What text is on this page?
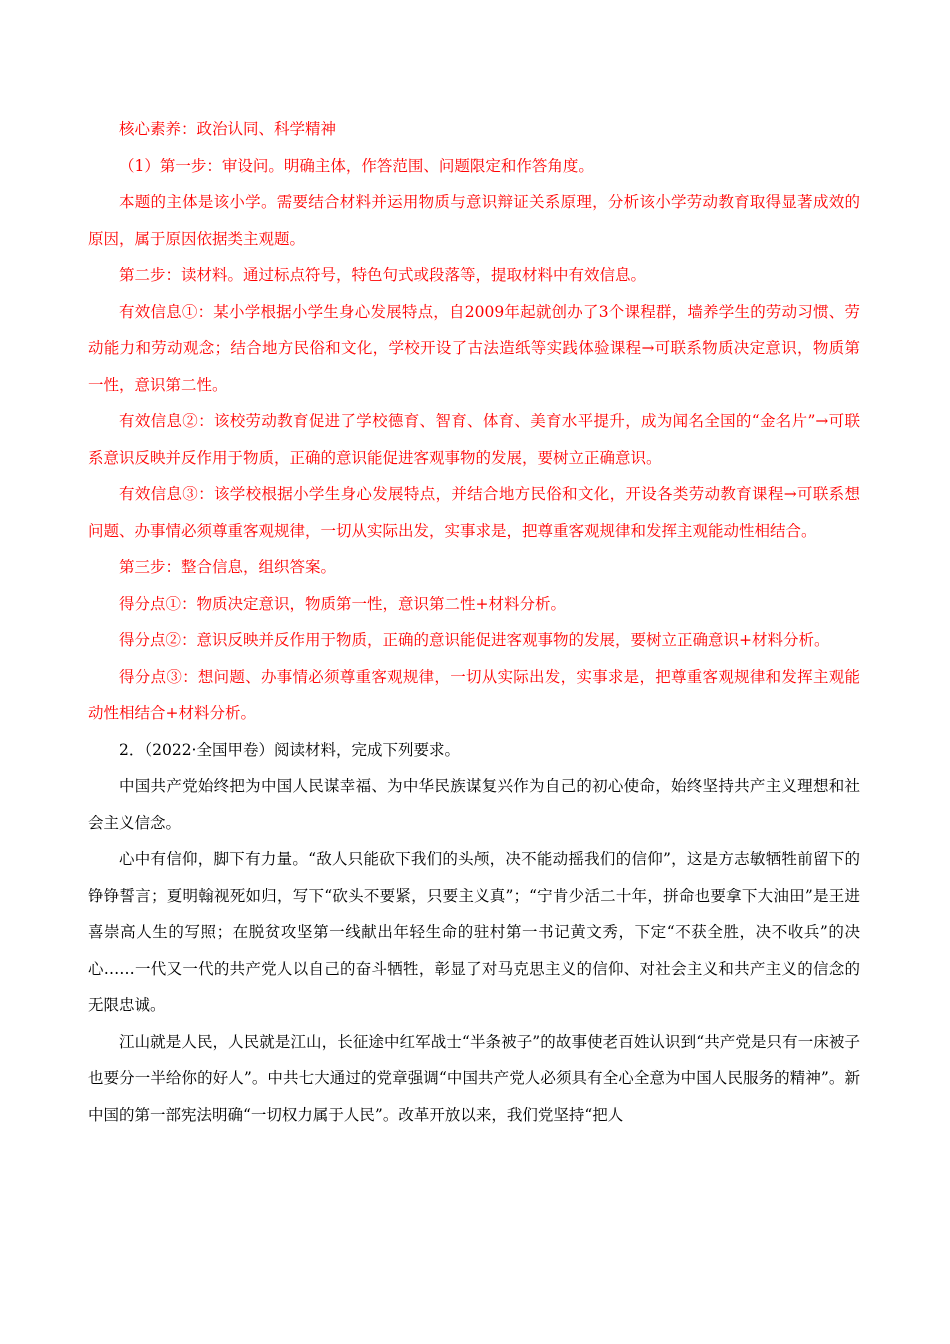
核心素养：政治认同、科学精神

（1）第一步：审设问。明确主体，作答范围、问题限定和作答角度。

本题的主体是该小学。需要结合材料并运用物质与意识辩证关系原理，分析该小学劳动教育取得显著成效的原因，属于原因依据类主观题。

第二步：读材料。通过标点符号，特色句式或段落等，提取材料中有效信息。

有效信息①：某小学根据小学生身心发展特点，自2009年起就创办了3个课程群，墙养学生的劳动习惯、劳动能力和劳动观念；结合地方民俗和文化，学校开设了古法造纸等实践体验课程→可联系物质决定意识，物质第一性，意识第二性。

有效信息②：该校劳动教育促进了学校德育、智育、体育、美育水平提升，成为闻名全国的“金名片”→可联系意识反映并反作用于物质，正确的意识能促进客观事物的发展，要树立正确意识。

有效信息③：该学校根据小学生身心发展特点，并结合地方民俗和文化，开设各类劳动教育课程→可联系想问题、办事情必须尊重客观规律，一切从实际出发，实事求是，把尊重客观规律和发挥主观能动性相结合。

第三步：整合信息，组织答案。

得分点①：物质决定意识，物质第一性，意识第二性+材料分析。

得分点②：意识反映并反作用于物质，正确的意识能促进客观事物的发展，要树立正确意识+材料分析。

得分点③：想问题、办事情必须尊重客观规律，一切从实际出发，实事求是，把尊重客观规律和发挥主观能动性相结合+材料分析。

2．（2022·全国甲卷）阅读材料，完成下列要求。

中国共产党始终把为中国人民谋幸福、为中华民族谋复兴作为自己的初心使命，始终坚持共产主义理想和社会主义信念。

心中有信仰，脚下有力量。“敌人只能砍下我们的头颅，决不能动摇我们的信仰”，这是方志敏牺牲前留下的铮铮誓言；夏明翰视死如归，写下“砍头不要紧，只要主义真”；“宁肯少活二十年，拼命也要拿下大油田”是王进喜崇高人生的写照；在脱贫攻坚第一线献出年轻生命的驻村第一书记黄文秀，下定“不获全胜，决不收兵”的决心……一代又一代的共产党人以自己的奋斗牺牲，彰显了对马克思主义的信仰、对社会主义和共产主义的信念的无限忠诚。

江山就是人民，人民就是江山，长征途中红军战士“半条被子”的故事使老百姓认识到“共产党是只有一床被子也要分一半给你的好人”。中共七大通过的党章强调“中国共产党人必须具有全心全意为中国人民服务的精神”。新中国的第一部宪法明确“一切权力属于人民”。改革开放以来，我们党坚持“把人
